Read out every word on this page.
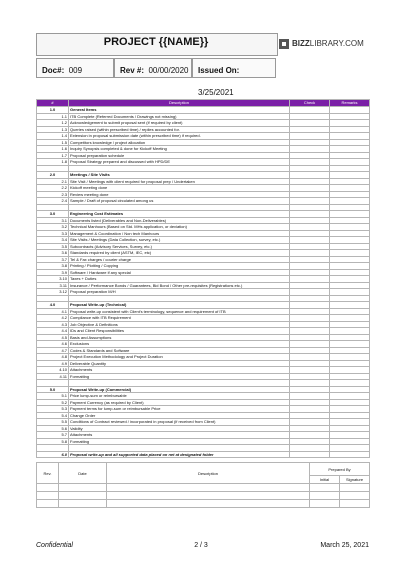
PROJECT {{NAME}}	BIZZLIBRARY.COM
Doc#: 009	Rev #: 00/00/2020	Issued On: 3/25/2021
#	Description	Check	Remarks
1.0	General Items		
1.1	ITB Complete (Referred Documents / Drawings not missing)		
1.2	Acknowledgement to submit proposal sent (if required by client)		
1.3	Queries raised (within prescribed time) / replies accounted for.		
1.4	Extension in proposal submission date (within prescribed time) if required.		
1.5	Competitors knowledge / project allocation		
1.6	Inquiry Synopsis completed & done for Kickoff Meeting		
1.7	Proposal preparation schedule		
1.8	Proposal Strategy prepared and discussed with HPD/DE		

2.0	Meetings / Site Visits		
2.1	Site Visit / Meetings with client required for proposal prep / Undertaken		
2.2	Kickoff meeting done		
2.3	Review meeting done		
2.4	Sample / Draft of proposal circulated among us		

3.0	Engineering Cost Estimates		
3.1	Documents listed (Deliverables and Non-Deliverables)		
3.2	Technical Manhours (Based on Std. MHs application, or deviation)		
3.3	Management & Coordination / Non tech Manhours		
3.4	Site Visits / Meetings (Data Collection, survey, etc.)		
3.5	Subcontracts (Advisory Services, Survey, etc.)		
3.6	Standards required by client (ASTM, IEC, etc)		
3.7	Tel & Fax charges / courier charge		
3.8	Printing / Plotting / Copying		
3.9	Software / Hardware if any special		
3.10	Taxes + Duties		
3.11	Insurance / Performance Bonds / Guarantees, Bid Bond / Other pre-requisites (Registrations etc.)		
3.12	Proposal preparation M/H		

4.0	Proposal Write-up (Technical)		
4.1	Proposal write-up consistent with Client's terminology, sequence and requirement of ITB		
4.2	Compliance with ITB Requirement		
4.3	Job Objective & Definitions		
4.4	IDs and Client Responsibilities		
4.5	Basis and Assumptions		
4.6	Exclusions		
4.7	Codes & Standards and Software		
4.8	Project Execution Methodology and Project Duration		
4.9	Deliverable Quantity		
4.10	Attachments		
4.11	Formatting		

5.0	Proposal Write-up (Commercial)		
5.1	Price lump-sum or reimbursable		
5.2	Payment Currency (as required by Client)		
5.3	Payment terms for lump-sum or reimbursable Price		
5.4	Change Order		
5.5	Conditions of Contract reviewed / incorporated in proposal (if received from Client)		
5.6	Validity		
5.7	Attachments		
5.8	Formatting		

6.0	Proposal write-up and all supported data placed on net at designated folder		
Rev.	Date	Description	Prepared By	
			Initial	Signature

Confidential	2 / 3	March 25, 2021
